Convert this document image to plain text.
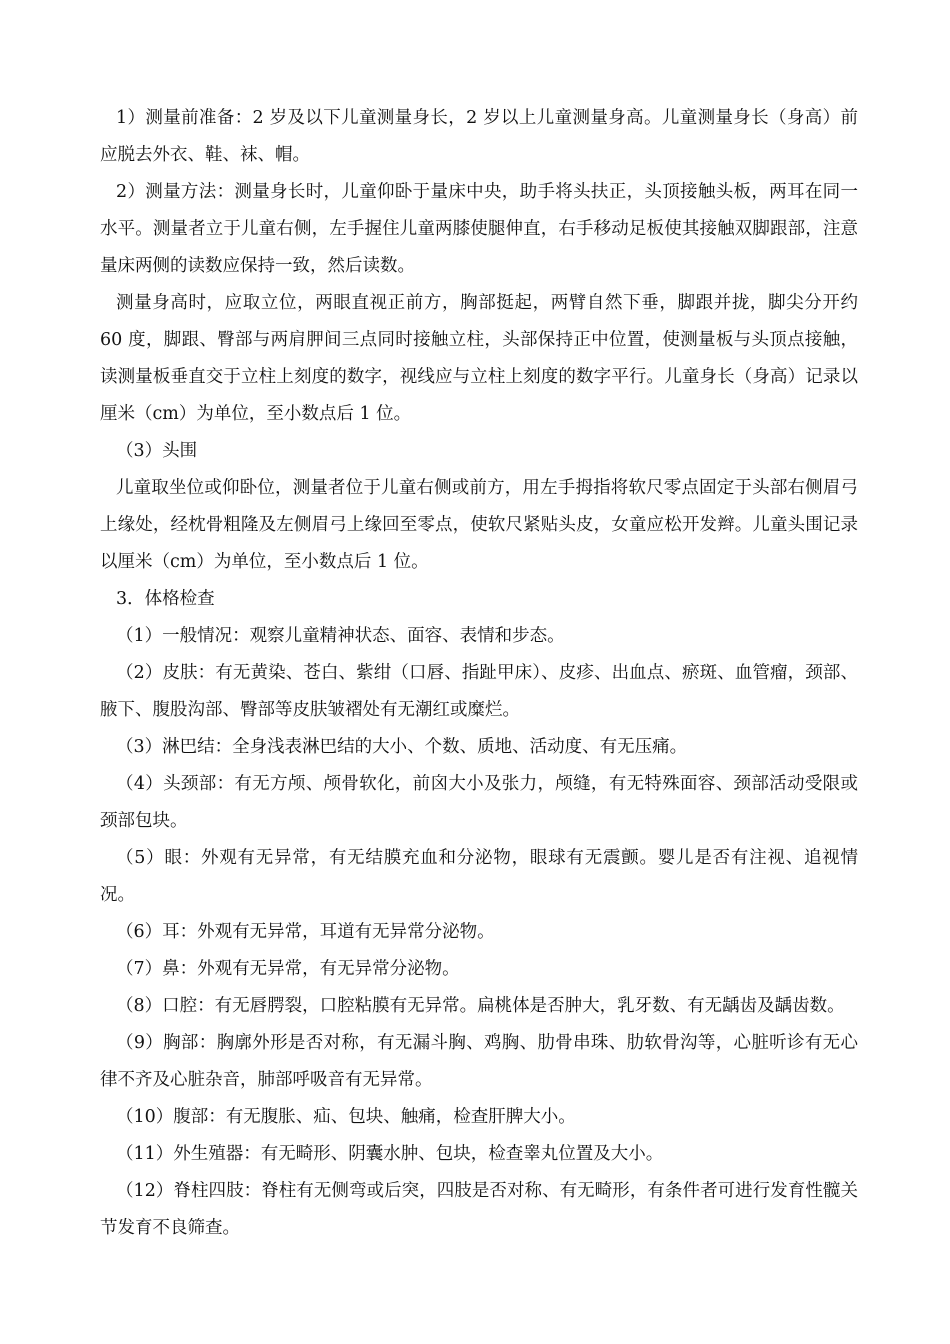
1）测量前准备：2 岁及以下儿童测量身长，2 岁以上儿童测量身高。儿童测量身长（身高）前应脱去外衣、鞋、袜、帽。

2）测量方法：测量身长时，儿童仰卧于量床中央，助手将头扶正，头顶接触头板，两耳在同一水平。测量者立于儿童右侧，左手握住儿童两膝使腿伸直，右手移动足板使其接触双脚跟部，注意量床两侧的读数应保持一致，然后读数。

测量身高时，应取立位，两眼直视正前方，胸部挺起，两臂自然下垂，脚跟并拢，脚尖分开约 60 度，脚跟、臀部与两肩胛间三点同时接触立柱，头部保持正中位置，使测量板与头顶点接触，读测量板垂直交于立柱上刻度的数字，视线应与立柱上刻度的数字平行。儿童身长（身高）记录以厘米（cm）为单位，至小数点后 1 位。

（3）头围

儿童取坐位或仰卧位，测量者位于儿童右侧或前方，用左手拇指将软尺零点固定于头部右侧眉弓上缘处，经枕骨粗隆及左侧眉弓上缘回至零点，使软尺紧贴头皮，女童应松开发辫。儿童头围记录以厘米（cm）为单位，至小数点后 1 位。

3．体格检查

（1）一般情况：观察儿童精神状态、面容、表情和步态。

（2）皮肤：有无黄染、苍白、紫绀（口唇、指趾甲床）、皮疹、出血点、瘀斑、血管瘤，颈部、腋下、腹股沟部、臀部等皮肤皱褶处有无潮红或糜烂。

（3）淋巴结：全身浅表淋巴结的大小、个数、质地、活动度、有无压痛。

（4）头颈部：有无方颅、颅骨软化，前囟大小及张力，颅缝，有无特殊面容、颈部活动受限或颈部包块。

（5）眼：外观有无异常，有无结膜充血和分泌物，眼球有无震颤。婴儿是否有注视、追视情况。

（6）耳：外观有无异常，耳道有无异常分泌物。

（7）鼻：外观有无异常，有无异常分泌物。

（8）口腔：有无唇腭裂，口腔粘膜有无异常。扁桃体是否肿大，乳牙数、有无龋齿及龋齿数。

（9）胸部：胸廓外形是否对称，有无漏斗胸、鸡胸、肋骨串珠、肋软骨沟等，心脏听诊有无心律不齐及心脏杂音，肺部呼吸音有无异常。

（10）腹部：有无腹胀、疝、包块、触痛，检查肝脾大小。

（11）外生殖器：有无畸形、阴囊水肿、包块，检查睾丸位置及大小。

（12）脊柱四肢：脊柱有无侧弯或后突，四肢是否对称、有无畸形，有条件者可进行发育性髋关节发育不良筛查。
